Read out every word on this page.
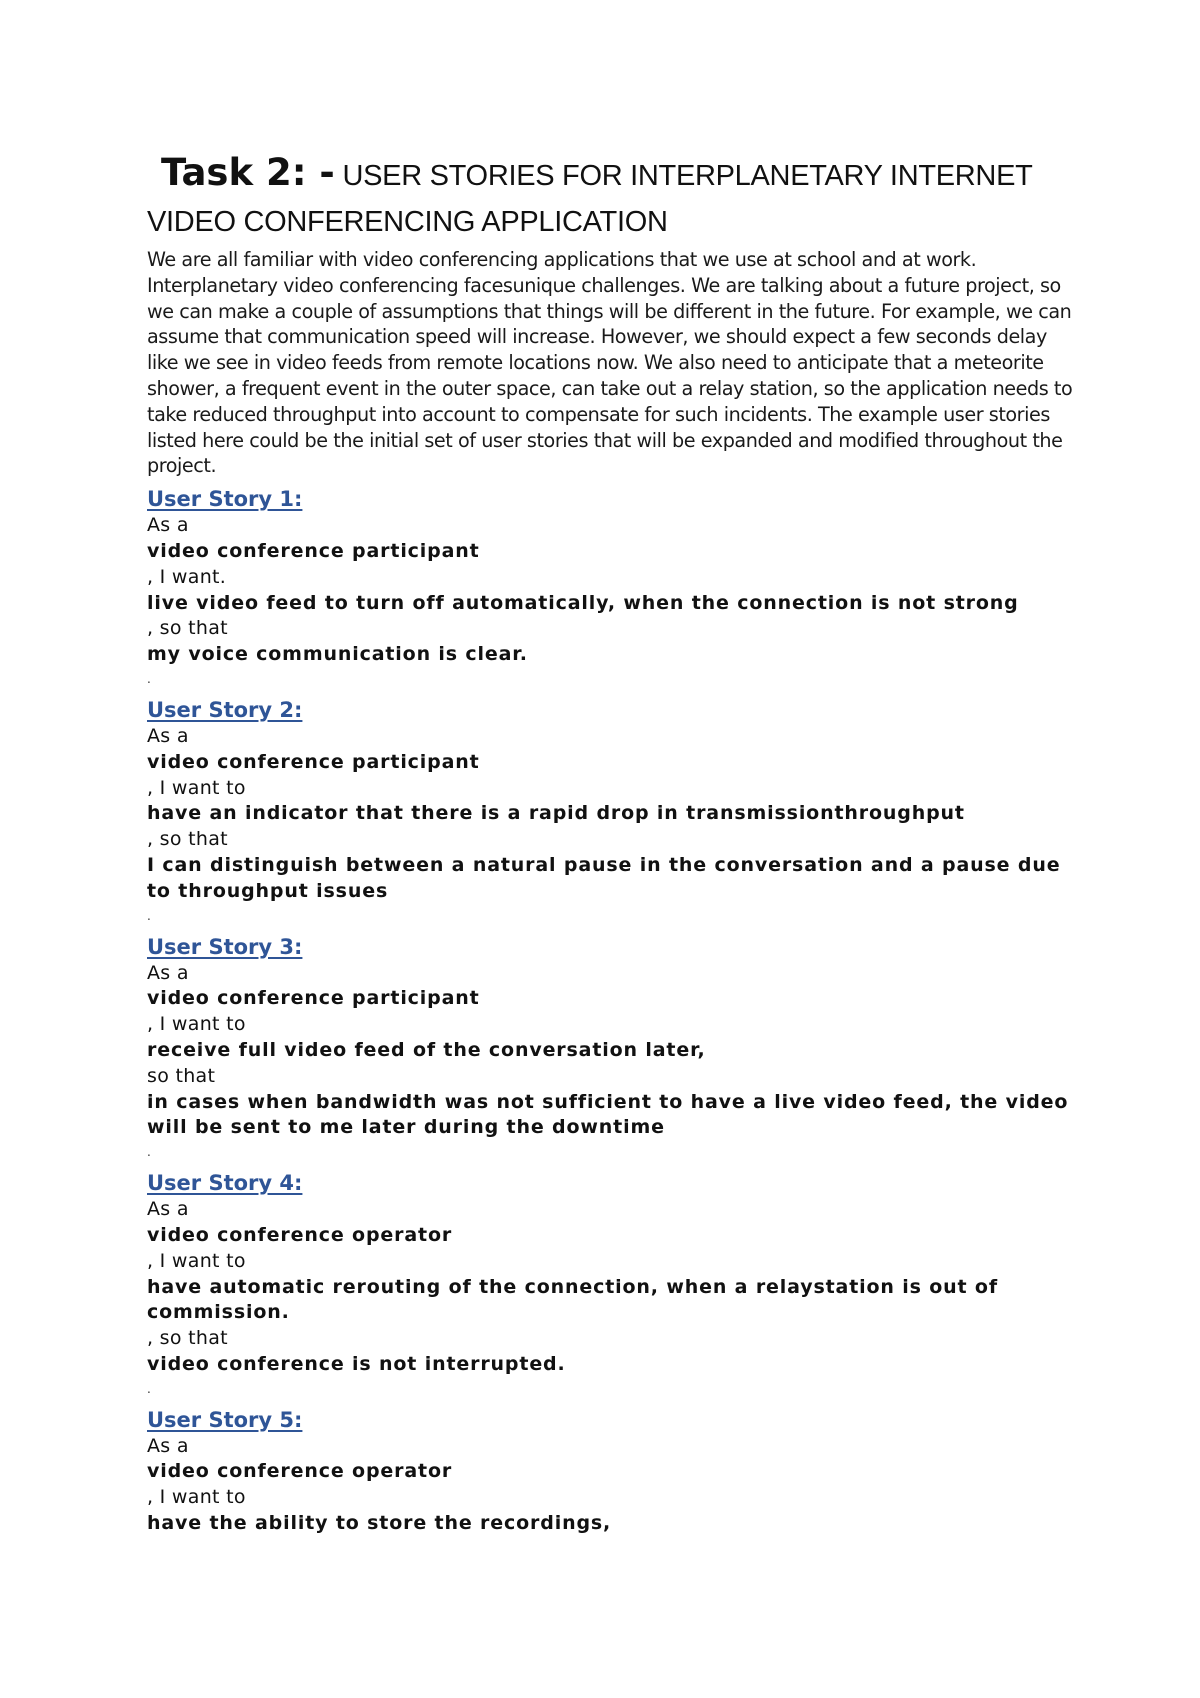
Task 2: - USER STORIES FOR INTERPLANETARY INTERNET
VIDEO CONFERENCING APPLICATION

We are all familiar with video conferencing applications that we use at school and at work. Interplanetary video conferencing facesunique challenges. We are talking about a future project, so we can make a couple of assumptions that things will be different in the future. For example, we can assume that communication speed will increase. However, we should expect a few seconds delay like we see in video feeds from remote locations now. We also need to anticipate that a meteorite shower, a frequent event in the outer space, can take out a relay station, so the application needs to take reduced throughput into account to compensate for such incidents. The example user stories listed here could be the initial set of user stories that will be expanded and modified throughout the project.

User Story 1:
As a
video conference participant
, I want.
live video feed to turn off automatically, when the connection is not strong
, so that
my voice communication is clear.
.
User Story 2:
As a
video conference participant
, I want to
have an indicator that there is a rapid drop in transmissionthroughput
, so that
I can distinguish between a natural pause in the conversation and a pause due to throughput issues
.
User Story 3:
As a
video conference participant
, I want to
receive full video feed of the conversation later,
so that
in cases when bandwidth was not sufficient to have a live video feed, the video will be sent to me later during the downtime
.
User Story 4:
As a
video conference operator
, I want to
have automatic rerouting of the connection, when a relaystation is out of commission.
, so that
video conference is not interrupted.
.
User Story 5:
As a
video conference operator
, I want to
have the ability to store the recordings,
